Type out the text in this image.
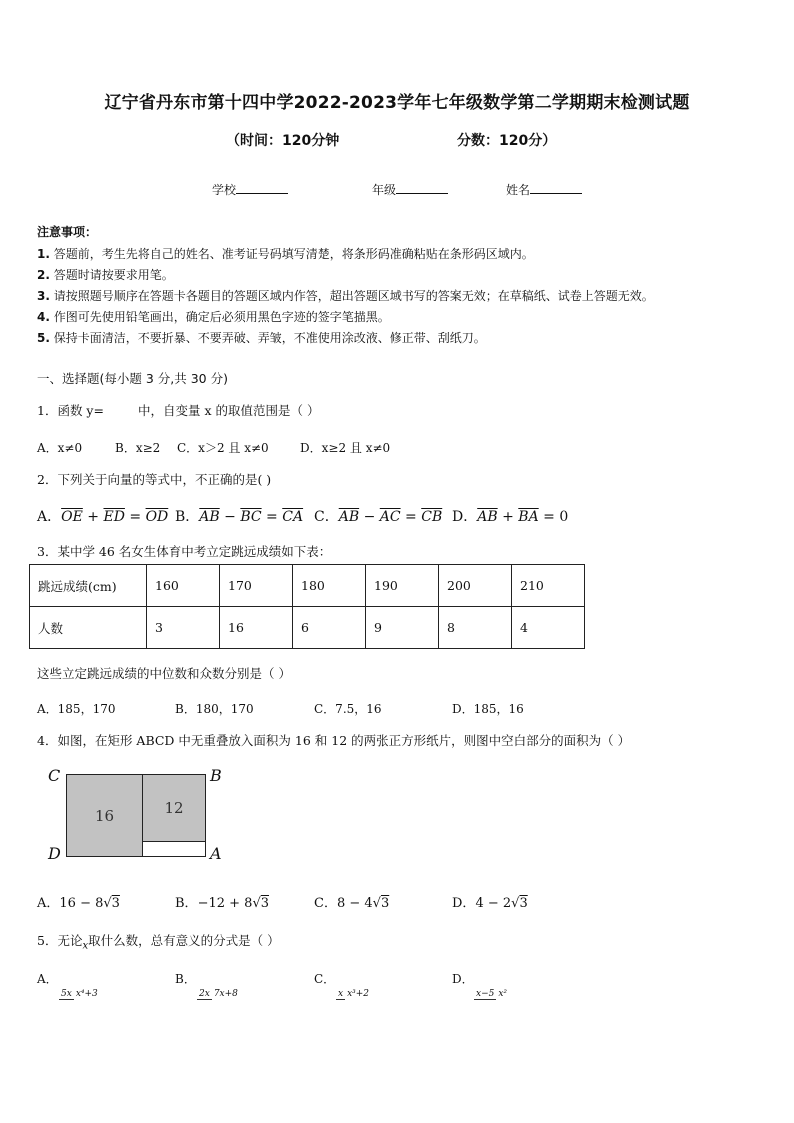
辽宁省丹东市第十四中学2022-2023学年七年级数学第二学期期末检测试题
（时间：120分钟	分数：120分）
学校	年级	姓名
注意事项：
1. 答题前，考生先将自己的姓名、准考证号码填写清楚，将条形码准确粘贴在条形码区域内。
2. 答题时请按要求用笔。
3. 请按照题号顺序在答题卡各题目的答题区域内作答，超出答题区域书写的答案无效；在草稿纸、试卷上答题无效。
4. 作图可先使用铅笔画出，确定后必须用黑色字迹的签字笔描黑。
5. 保持卡面清洁，不要折暴、不要弄破、弄皱，不准使用涂改液、修正带、刮纸刀。
一、选择题(每小题 3 分,共 30 分)
1．函数 y=	中，自变量 x 的取值范围是（ ）
A．x≠0	B．x≥2 C．x＞2 且 x≠0	D．x≥2 且 x≠0
2．下列关于向量的等式中，不正确的是( )
A．$\overline{OE} + \overline{ED} = \overline{OD}$ B．$\overline{AB} - \overline{BC} = \overline{CA}$ C．$\overline{AB} - \overline{AC} = \overline{CB}$ D．$\overline{AB} + \overline{BA} = 0$
3．某中学 46 名女生体育中考立定跳远成绩如下表：
跳远成绩(cm)	160	170	180	190	200	210
人数	3	16	6	9	8	4
这些立定跳远成绩的中位数和众数分别是（ ）
A．185，170	B．180，170	C．7.5，16	D．185，16
4．如图，在矩形 ABCD 中无重叠放入面积为 16 和 12 的两张正方形纸片，则图中空白部分的面积为（ ）
16	12
C	B
D	A
A．16 − 8√3	B．−12 + 8√3	C．8 − 4√3	D．4 − 2√3
5．无论$_x$取什么数，总有意义的分式是（ ）
A．
5x x⁴+3
B．
2x 7x+8
C．
x x³+2
D．
x−5 x²
